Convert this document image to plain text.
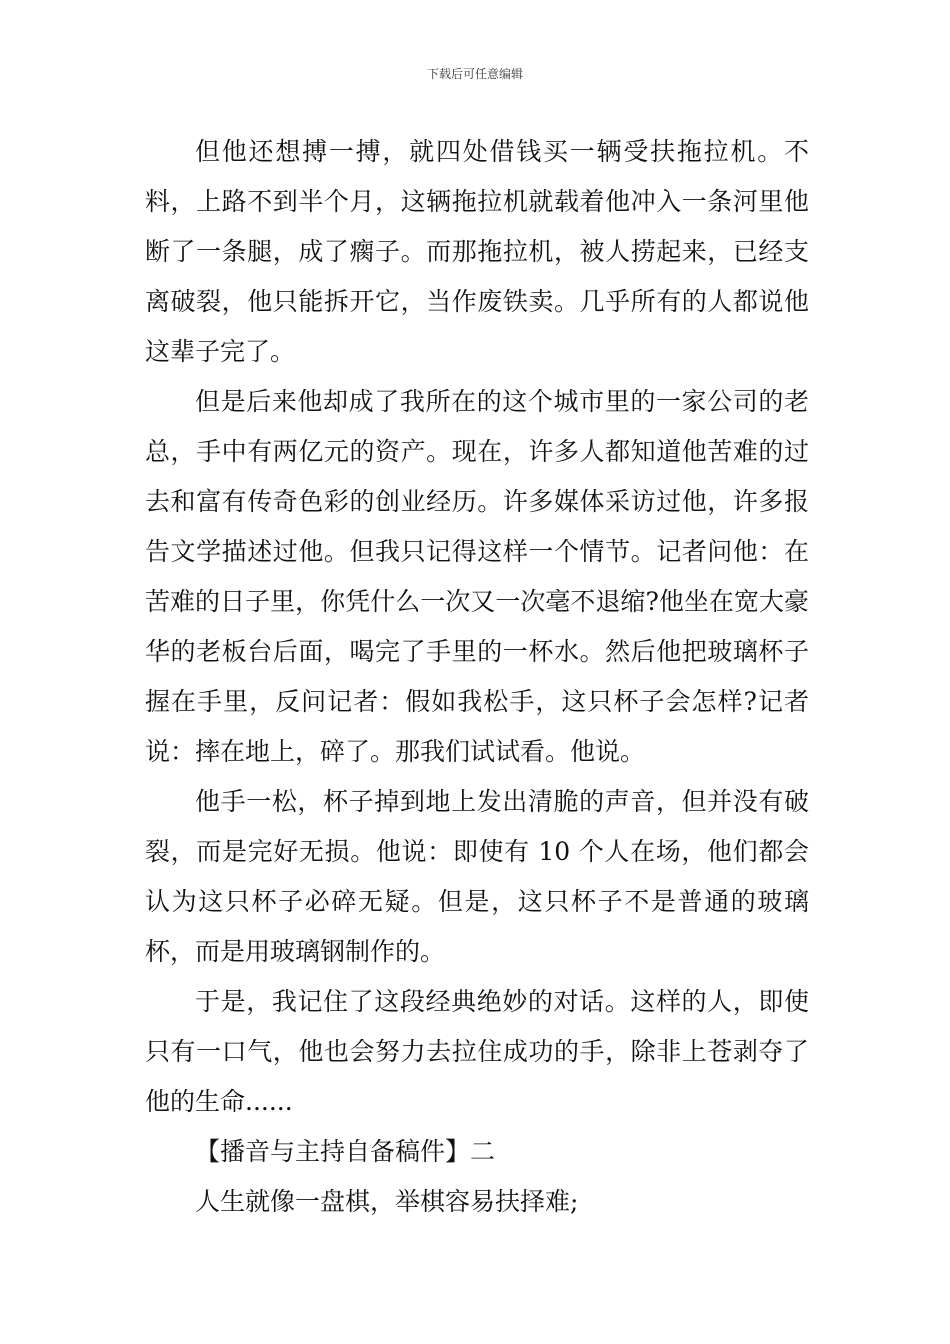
下载后可任意编辑

但他还想搏一搏，就四处借钱买一辆受扶拖拉机。不料，上路不到半个月，这辆拖拉机就载着他冲入一条河里他断了一条腿，成了瘸子。而那拖拉机，被人捞起来，已经支离破裂，他只能拆开它，当作废铁卖。几乎所有的人都说他这辈子完了。

但是后来他却成了我所在的这个城市里的一家公司的老总，手中有两亿元的资产。现在，许多人都知道他苦难的过去和富有传奇色彩的创业经历。许多媒体采访过他，许多报告文学描述过他。但我只记得这样一个情节。记者问他：在苦难的日子里，你凭什么一次又一次毫不退缩?他坐在宽大豪华的老板台后面，喝完了手里的一杯水。然后他把玻璃杯子握在手里，反问记者：假如我松手，这只杯子会怎样?记者说：摔在地上，碎了。那我们试试看。他说。

他手一松，杯子掉到地上发出清脆的声音，但并没有破裂，而是完好无损。他说：即使有 10 个人在场，他们都会认为这只杯子必碎无疑。但是，这只杯子不是普通的玻璃杯，而是用玻璃钢制作的。

于是，我记住了这段经典绝妙的对话。这样的人，即使只有一口气，他也会努力去拉住成功的手，除非上苍剥夺了他的生命......

【播音与主持自备稿件】二

人生就像一盘棋，举棋容易扶择难;
